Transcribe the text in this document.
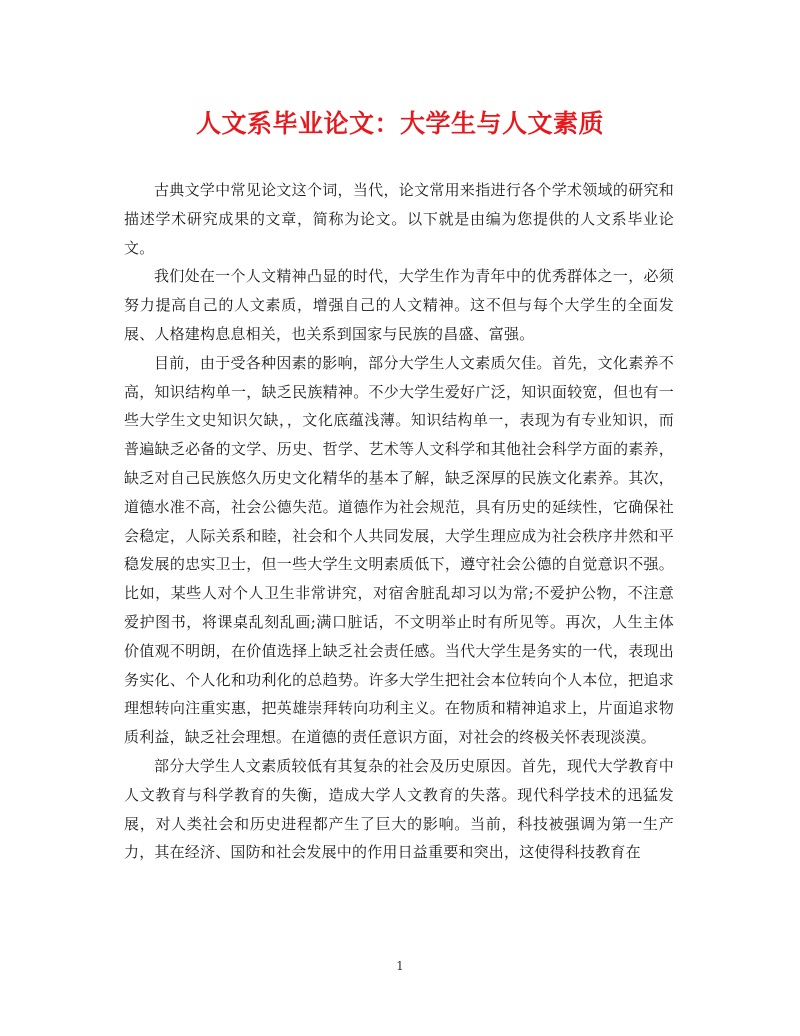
人文系毕业论文：大学生与人文素质

古典文学中常见论文这个词，当代，论文常用来指进行各个学术领域的研究和描述学术研究成果的文章，简称为论文。以下就是由编为您提供的人文系毕业论文。

我们处在一个人文精神凸显的时代，大学生作为青年中的优秀群体之一，必须努力提高自己的人文素质，增强自己的人文精神。这不但与每个大学生的全面发展、人格建构息息相关，也关系到国家与民族的昌盛、富强。

目前，由于受各种因素的影响，部分大学生人文素质欠佳。首先，文化素养不高，知识结构单一，缺乏民族精神。不少大学生爱好广泛，知识面较宽，但也有一些大学生文史知识欠缺，，文化底蕴浅薄。知识结构单一，表现为有专业知识，而普遍缺乏必备的文学、历史、哲学、艺术等人文科学和其他社会科学方面的素养，缺乏对自己民族悠久历史文化精华的基本了解，缺乏深厚的民族文化素养。其次，道德水准不高，社会公德失范。道德作为社会规范，具有历史的延续性，它确保社会稳定，人际关系和睦，社会和个人共同发展，大学生理应成为社会秩序井然和平稳发展的忠实卫士，但一些大学生文明素质低下，遵守社会公德的自觉意识不强。比如，某些人对个人卫生非常讲究，对宿舍脏乱却习以为常;不爱护公物，不注意爱护图书，将课桌乱刻乱画;满口脏话，不文明举止时有所见等。再次，人生主体价值观不明朗，在价值选择上缺乏社会责任感。当代大学生是务实的一代，表现出务实化、个人化和功利化的总趋势。许多大学生把社会本位转向个人本位，把追求理想转向注重实惠，把英雄崇拜转向功利主义。在物质和精神追求上，片面追求物质利益，缺乏社会理想。在道德的责任意识方面，对社会的终极关怀表现淡漠。

部分大学生人文素质较低有其复杂的社会及历史原因。首先，现代大学教育中人文教育与科学教育的失衡，造成大学人文教育的失落。现代科学技术的迅猛发展，对人类社会和历史进程都产生了巨大的影响。当前，科技被强调为第一生产力，其在经济、国防和社会发展中的作用日益重要和突出，这使得科技教育在

1
